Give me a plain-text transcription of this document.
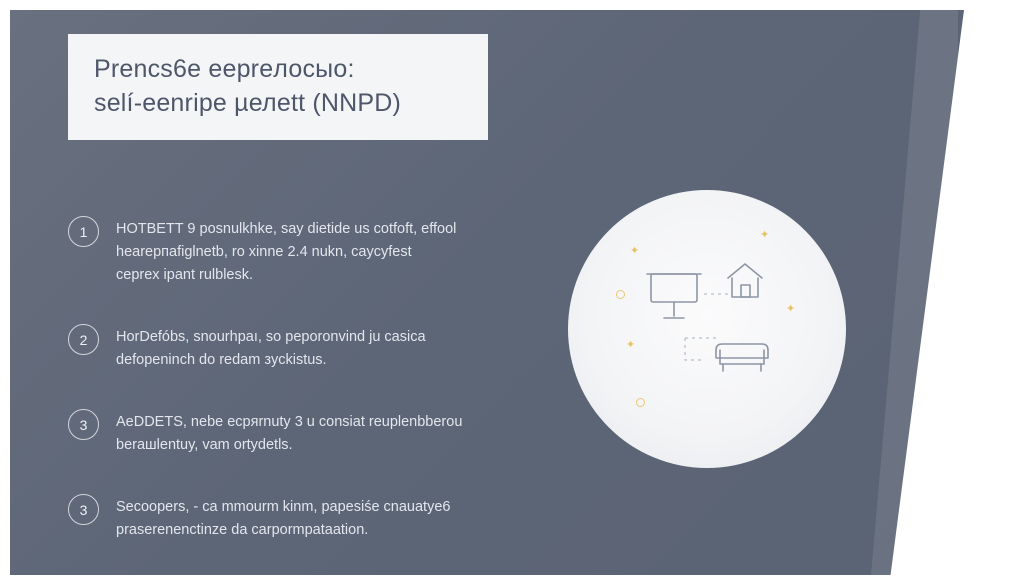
Prencs6e eepreлоcыо:
selí-eenripe µелett (NNPD)
1	HOTBETT 9 posnulkhke, say dietide us cotfoft, effool
heareрпafiglnetb, ro xinne 2.4 nukn, cayсyfest
ceprex ipant rulblesk.
2	HorDefóbs, snourhpaı, so peporonvind ju casica
defopeninch do redam зyckistus.
3	AeDDETS, nebe ecpяrnuty 3 u consiat reuplenbberou
beraшlentuy, vam ortydetls.
3	Secoopers, - ca mmourm kinm, papesiśe cnauatye6
praserenenctinze da carpormpataation.
✦
✦
✦
✦
